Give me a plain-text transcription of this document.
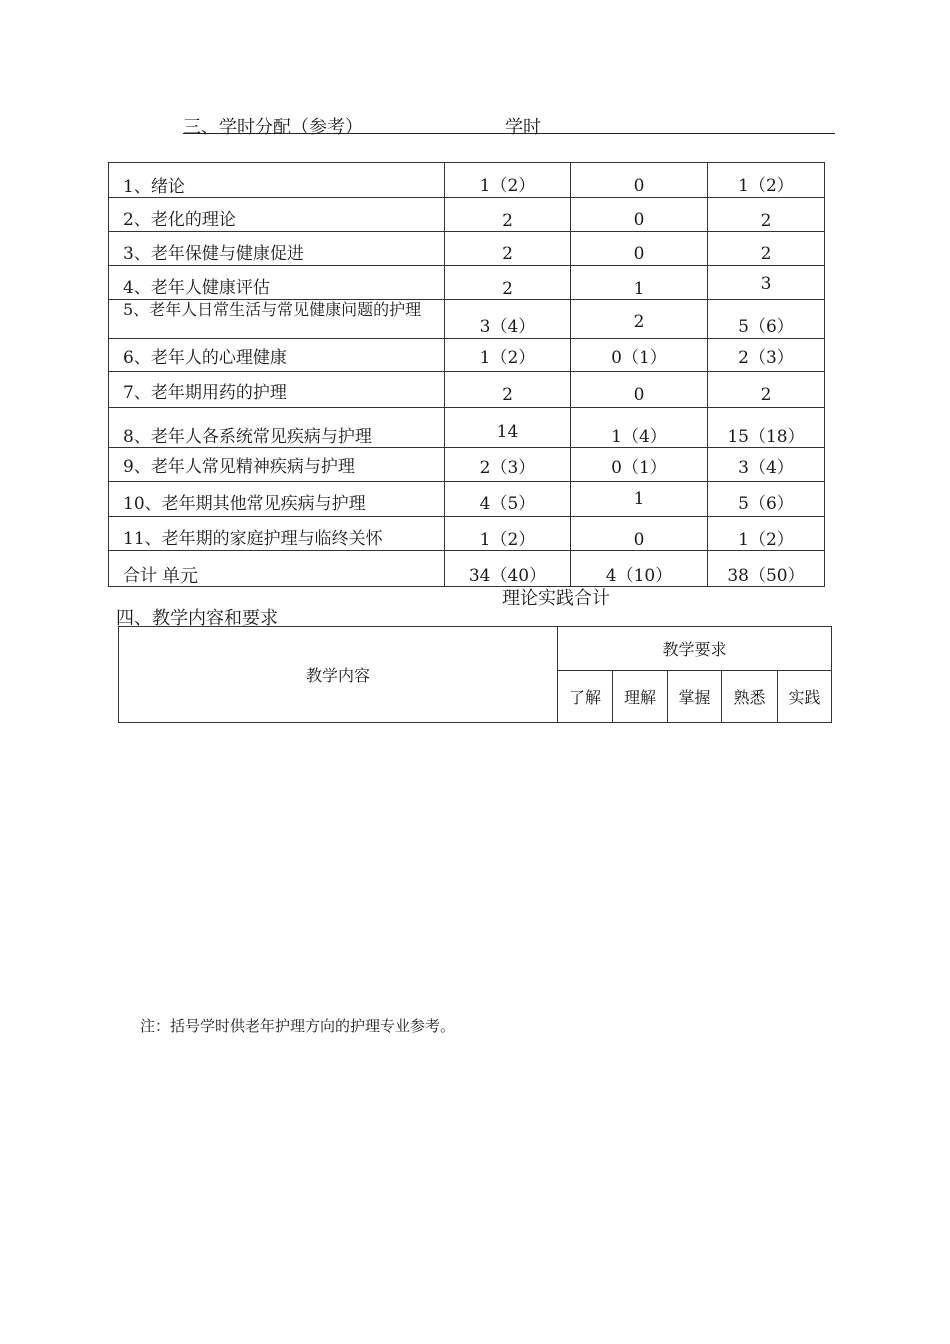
三、学时分配（参考）	学时
1、绪论	1（2）	0	1（2）

2、老化的理论	2	0	2

3、老年保健与健康促进	2	0	2

4、老年人健康评估	2	1	3

5、老年人日常生活与常见健康问题的护理	3（4）	2	5（6）

6、老年人的心理健康	1（2）	0（1）	2（3）

7、老年期用药的护理	2	0	2

8、老年人各系统常见疾病与护理	14	1（4）	15（18）

9、老年人常见精神疾病与护理	2（3）	0（1）	3（4）

10、老年期其他常见疾病与护理	4（5）	1	5（6）

11、老年期的家庭护理与临终关怀	1（2）	0	1（2）

合计	34（40）	4（10）	38（50）
单元
理论实践合计
四、教学内容和要求
教学内容	教学要求				
	了解	理解	掌握	熟悉	实践
注：括号学时供老年护理方向的护理专业参考。
